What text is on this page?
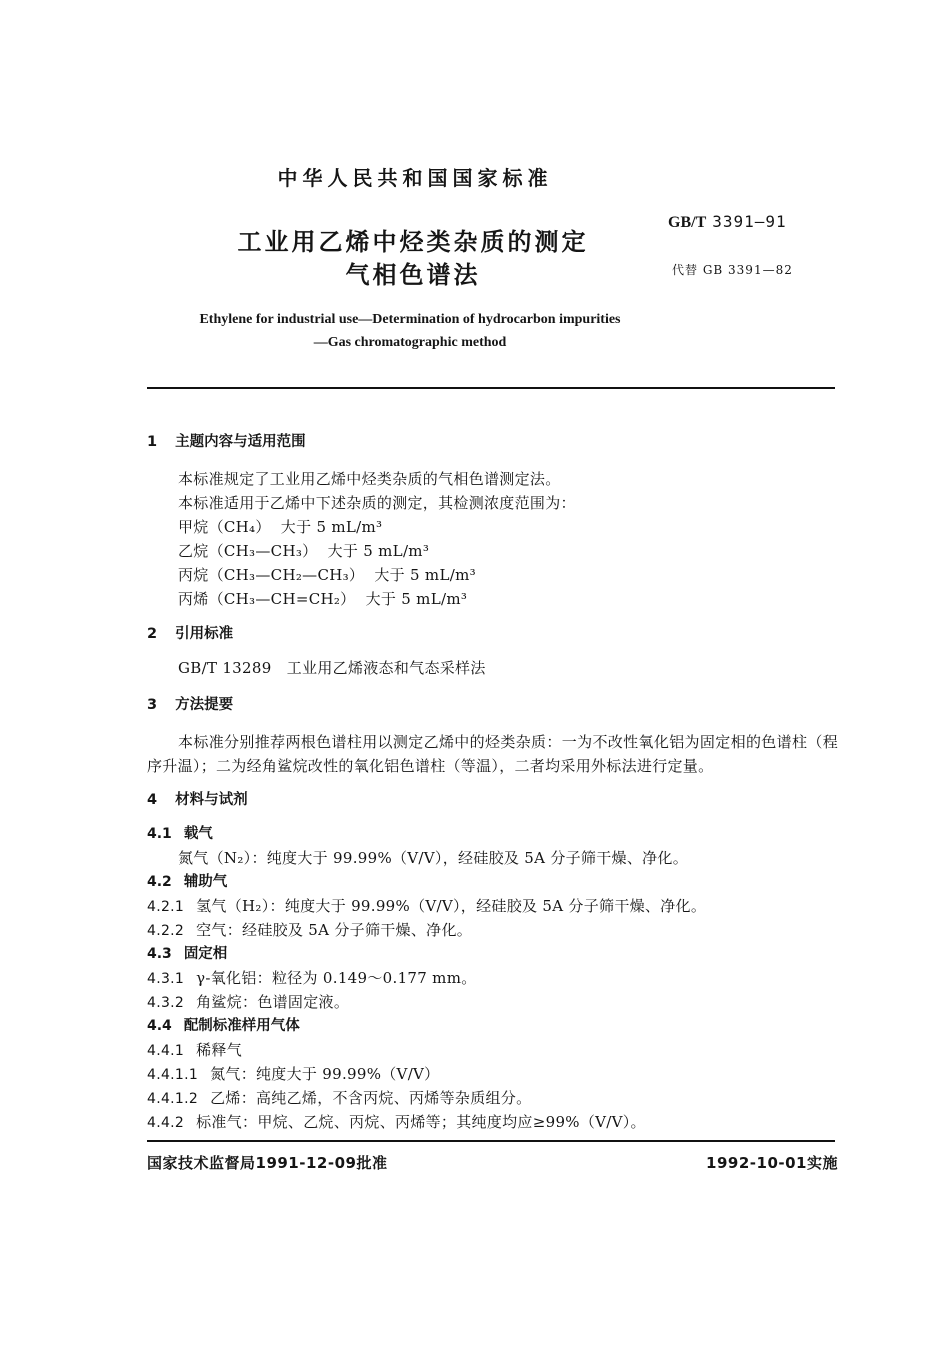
中华人民共和国国家标准
GB/T 3391—91
工业用乙烯中烃类杂质的测定
气相色谱法	代替 GB 3391—82
Ethylene for industrial use—Determination of hydrocarbon impurities
—Gas chromatographic method
1 主题内容与适用范围
本标准规定了工业用乙烯中烃类杂质的气相色谱测定法。
本标准适用于乙烯中下述杂质的测定，其检测浓度范围为：
甲烷（CH₄）  大于 5 mL/m³
乙烷（CH₃—CH₃）  大于 5 mL/m³
丙烷（CH₃—CH₂—CH₃）  大于 5 mL/m³
丙烯（CH₃—CH=CH₂）  大于 5 mL/m³
2 引用标准
GB/T 13289   工业用乙烯液态和气态采样法
3 方法提要
本标准分别推荐两根色谱柱用以测定乙烯中的烃类杂质：一为不改性氧化铝为固定相的色谱柱（程
序升温）；二为经角鲨烷改性的氧化铝色谱柱（等温），二者均采用外标法进行定量。
4 材料与试剂
4.1 载气
氮气（N₂）：纯度大于 99.99%（V/V），经硅胶及 5A 分子筛干燥、净化。
4.2 辅助气
4.2.1 氢气（H₂）：纯度大于 99.99%（V/V），经硅胶及 5A 分子筛干燥、净化。
4.2.2 空气：经硅胶及 5A 分子筛干燥、净化。
4.3 固定相
4.3.1 γ-氧化铝：粒径为 0.149～0.177 mm。
4.3.2 角鲨烷：色谱固定液。
4.4 配制标准样用气体
4.4.1 稀释气
4.4.1.1 氮气：纯度大于 99.99%（V/V）
4.4.1.2 乙烯：高纯乙烯，不含丙烷、丙烯等杂质组分。
4.4.2 标准气：甲烷、乙烷、丙烷、丙烯等；其纯度均应≥99%（V/V）。
国家技术监督局1991-12-09批准	1992-10-01实施
